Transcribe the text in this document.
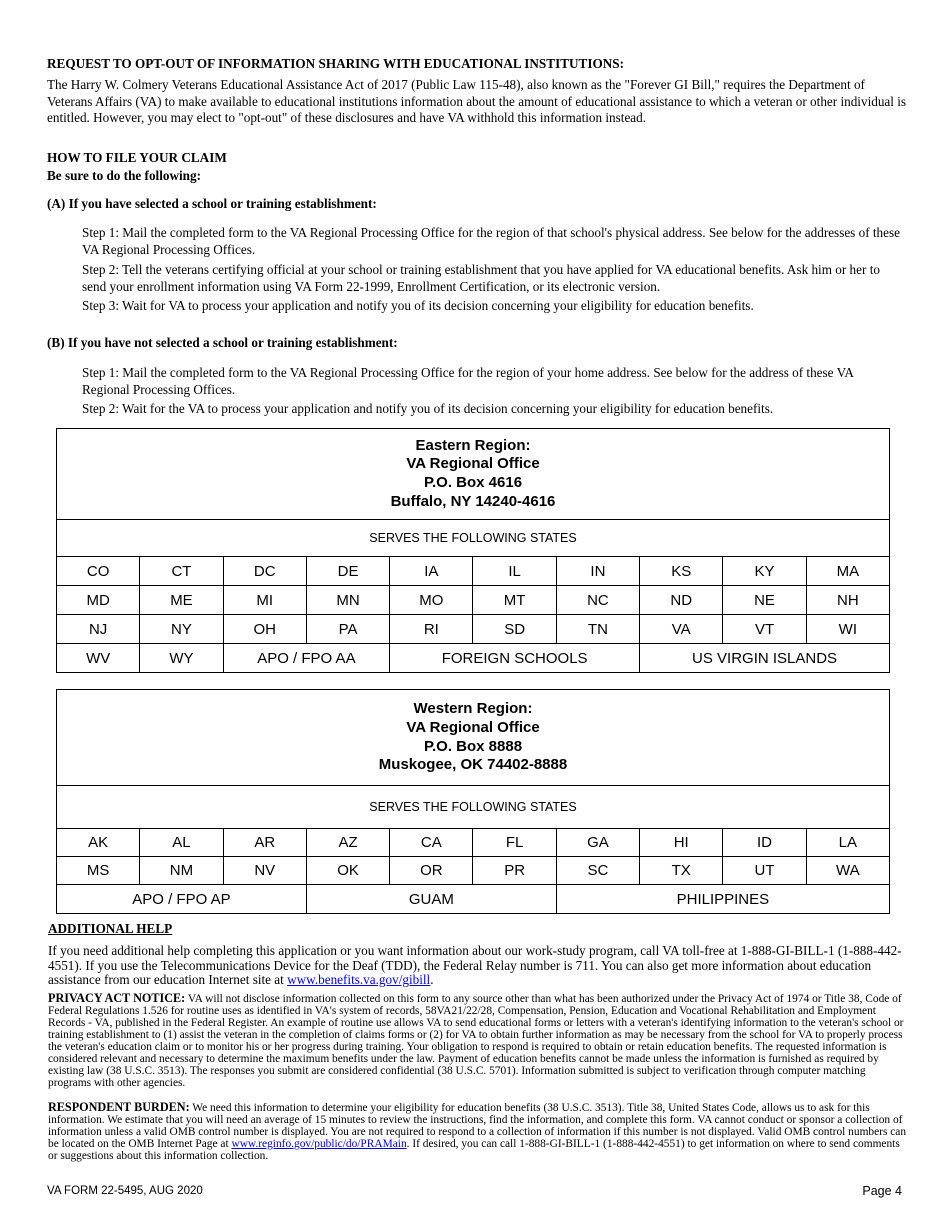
REQUEST TO OPT-OUT OF INFORMATION SHARING WITH EDUCATIONAL INSTITUTIONS:
The Harry W. Colmery Veterans Educational Assistance Act of 2017 (Public Law 115-48), also known as the "Forever GI Bill," requires the Department of Veterans Affairs (VA) to make available to educational institutions information about the amount of educational assistance to which a veteran or other individual is entitled. However, you may elect to "opt-out" of these disclosures and have VA withhold this information instead.
HOW TO FILE YOUR CLAIM
Be sure to do the following:
(A) If you have selected a school or training establishment:
Step 1: Mail the completed form to the VA Regional Processing Office for the region of that school's physical address. See below for the addresses of these VA Regional Processing Offices.
Step 2: Tell the veterans certifying official at your school or training establishment that you have applied for VA educational benefits. Ask him or her to send your enrollment information using VA Form 22-1999, Enrollment Certification, or its electronic version.
Step 3: Wait for VA to process your application and notify you of its decision concerning your eligibility for education benefits.
(B) If you have not selected a school or training establishment:
Step 1: Mail the completed form to the VA Regional Processing Office for the region of your home address. See below for the address of these VA Regional Processing Offices.
Step 2: Wait for the VA to process your application and notify you of its decision concerning your eligibility for education benefits.
Eastern Region:
VA Regional Office
P.O. Box 4616
Buffalo, NY 14240-4616									

SERVES THE FOLLOWING STATES									
CO	CT	DC	DE	IA	IL	IN	KS	KY	MA
MD	ME	MI	MN	MO	MT	NC	ND	NE	NH
NJ	NY	OH	PA	RI	SD	TN	VA	VT	WI
WV	WY	APO / FPO AA		FOREIGN SCHOOLS			US VIRGIN ISLANDS		
Western Region:
VA Regional Office
P.O. Box 8888
Muskogee, OK 74402-8888									

SERVES THE FOLLOWING STATES									
AK	AL	AR	AZ	CA	FL	GA	HI	ID	LA
MS	NM	NV	OK	OR	PR	SC	TX	UT	WA
APO / FPO AP			GUAM			PHILIPPINES			
ADDITIONAL HELP
If you need additional help completing this application or you want information about our work-study program, call VA toll-free at 1-888-GI-BILL-1 (1-888-442-4551). If you use the Telecommunications Device for the Deaf (TDD), the Federal Relay number is 711. You can also get more information about education assistance from our education Internet site at www.benefits.va.gov/gibill.
PRIVACY ACT NOTICE: VA will not disclose information collected on this form to any source other than what has been authorized under the Privacy Act of 1974 or Title 38, Code of Federal Regulations 1.526 for routine uses as identified in VA's system of records, 58VA21/22/28, Compensation, Pension, Education and Vocational Rehabilitation and Employment Records - VA, published in the Federal Register. An example of routine use allows VA to send educational forms or letters with a veteran's identifying information to the veteran's school or training establishment to (1) assist the veteran in the completion of claims forms or (2) for VA to obtain further information as may be necessary from the school for VA to properly process the veteran's education claim or to monitor his or her progress during training. Your obligation to respond is required to obtain or retain education benefits. The requested information is considered relevant and necessary to determine the maximum benefits under the law. Payment of education benefits cannot be made unless the information is furnished as required by existing law (38 U.S.C. 3513). The responses you submit are considered confidential (38 U.S.C. 5701). Information submitted is subject to verification through computer matching programs with other agencies.
RESPONDENT BURDEN: We need this information to determine your eligibility for education benefits (38 U.S.C. 3513). Title 38, United States Code, allows us to ask for this information. We estimate that you will need an average of 15 minutes to review the instructions, find the information, and complete this form. VA cannot conduct or sponsor a collection of information unless a valid OMB control number is displayed. You are not required to respond to a collection of information if this number is not displayed. Valid OMB control numbers can be located on the OMB Internet Page at www.reginfo.gov/public/do/PRAMain. If desired, you can call 1-888-GI-BILL-1 (1-888-442-4551) to get information on where to send comments or suggestions about this information collection.
VA FORM 22-5495, AUG 2020	Page 4
